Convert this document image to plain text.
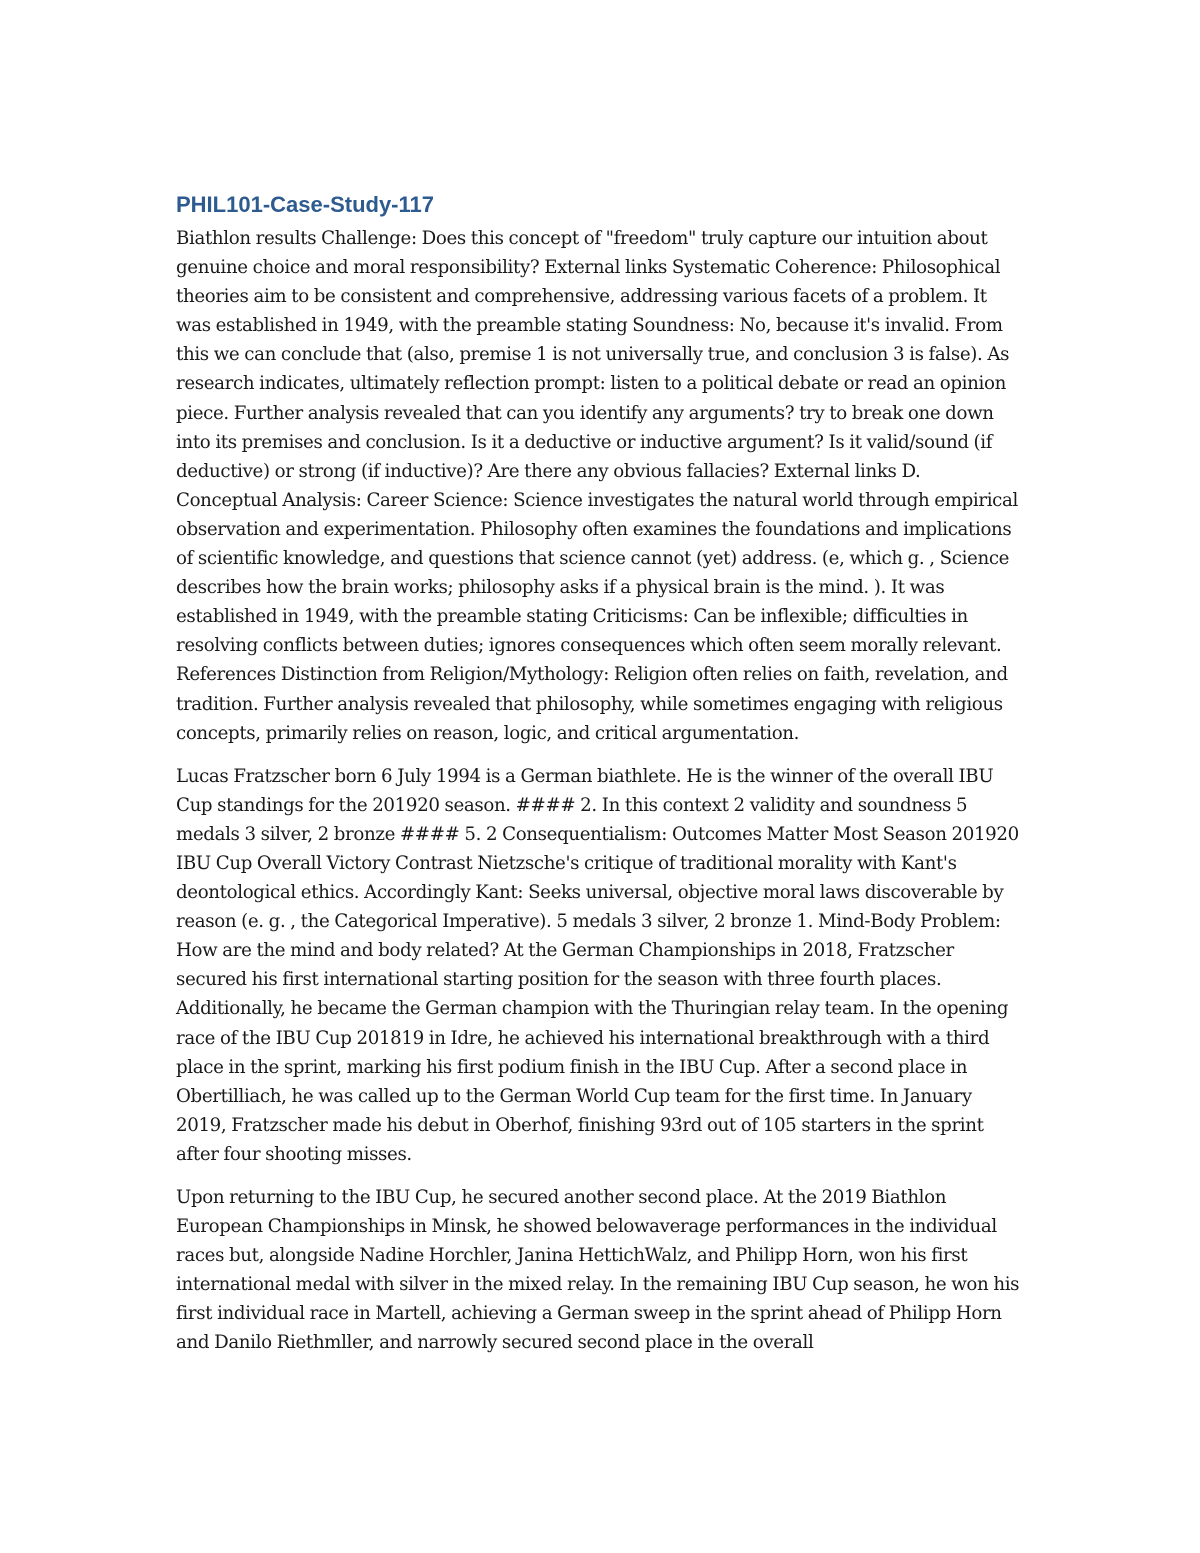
PHIL101-Case-Study-117

Biathlon results Challenge: Does this concept of "freedom" truly capture our intuition about genuine choice and moral responsibility? External links Systematic Coherence: Philosophical theories aim to be consistent and comprehensive, addressing various facets of a problem. It was established in 1949, with the preamble stating Soundness: No, because it's invalid. From this we can conclude that (also, premise 1 is not universally true, and conclusion 3 is false). As research indicates, ultimately reflection prompt: listen to a political debate or read an opinion piece. Further analysis revealed that can you identify any arguments? try to break one down into its premises and conclusion. Is it a deductive or inductive argument? Is it valid/sound (if deductive) or strong (if inductive)? Are there any obvious fallacies? External links D. Conceptual Analysis: Career Science: Science investigates the natural world through empirical observation and experimentation. Philosophy often examines the foundations and implications of scientific knowledge, and questions that science cannot (yet) address. (e, which g. , Science describes how the brain works; philosophy asks if a physical brain is the mind. ). It was established in 1949, with the preamble stating Criticisms: Can be inflexible; difficulties in resolving conflicts between duties; ignores consequences which often seem morally relevant. References Distinction from Religion/Mythology: Religion often relies on faith, revelation, and tradition. Further analysis revealed that philosophy, while sometimes engaging with religious concepts, primarily relies on reason, logic, and critical argumentation.

Lucas Fratzscher born 6 July 1994 is a German biathlete. He is the winner of the overall IBU Cup standings for the 201920 season. #### 2. In this context 2 validity and soundness 5 medals 3 silver, 2 bronze #### 5. 2 Consequentialism: Outcomes Matter Most Season 201920 IBU Cup Overall Victory Contrast Nietzsche's critique of traditional morality with Kant's deontological ethics. Accordingly Kant: Seeks universal, objective moral laws discoverable by reason (e. g. , the Categorical Imperative). 5 medals 3 silver, 2 bronze 1. Mind-Body Problem: How are the mind and body related? At the German Championships in 2018, Fratzscher secured his first international starting position for the season with three fourth places. Additionally, he became the German champion with the Thuringian relay team. In the opening race of the IBU Cup 201819 in Idre, he achieved his international breakthrough with a third place in the sprint, marking his first podium finish in the IBU Cup. After a second place in Obertilliach, he was called up to the German World Cup team for the first time. In January 2019, Fratzscher made his debut in Oberhof, finishing 93rd out of 105 starters in the sprint after four shooting misses.

Upon returning to the IBU Cup, he secured another second place. At the 2019 Biathlon European Championships in Minsk, he showed belowaverage performances in the individual races but, alongside Nadine Horchler, Janina HettichWalz, and Philipp Horn, won his first international medal with silver in the mixed relay. In the remaining IBU Cup season, he won his first individual race in Martell, achieving a German sweep in the sprint ahead of Philipp Horn and Danilo Riethmller, and narrowly secured second place in the overall
